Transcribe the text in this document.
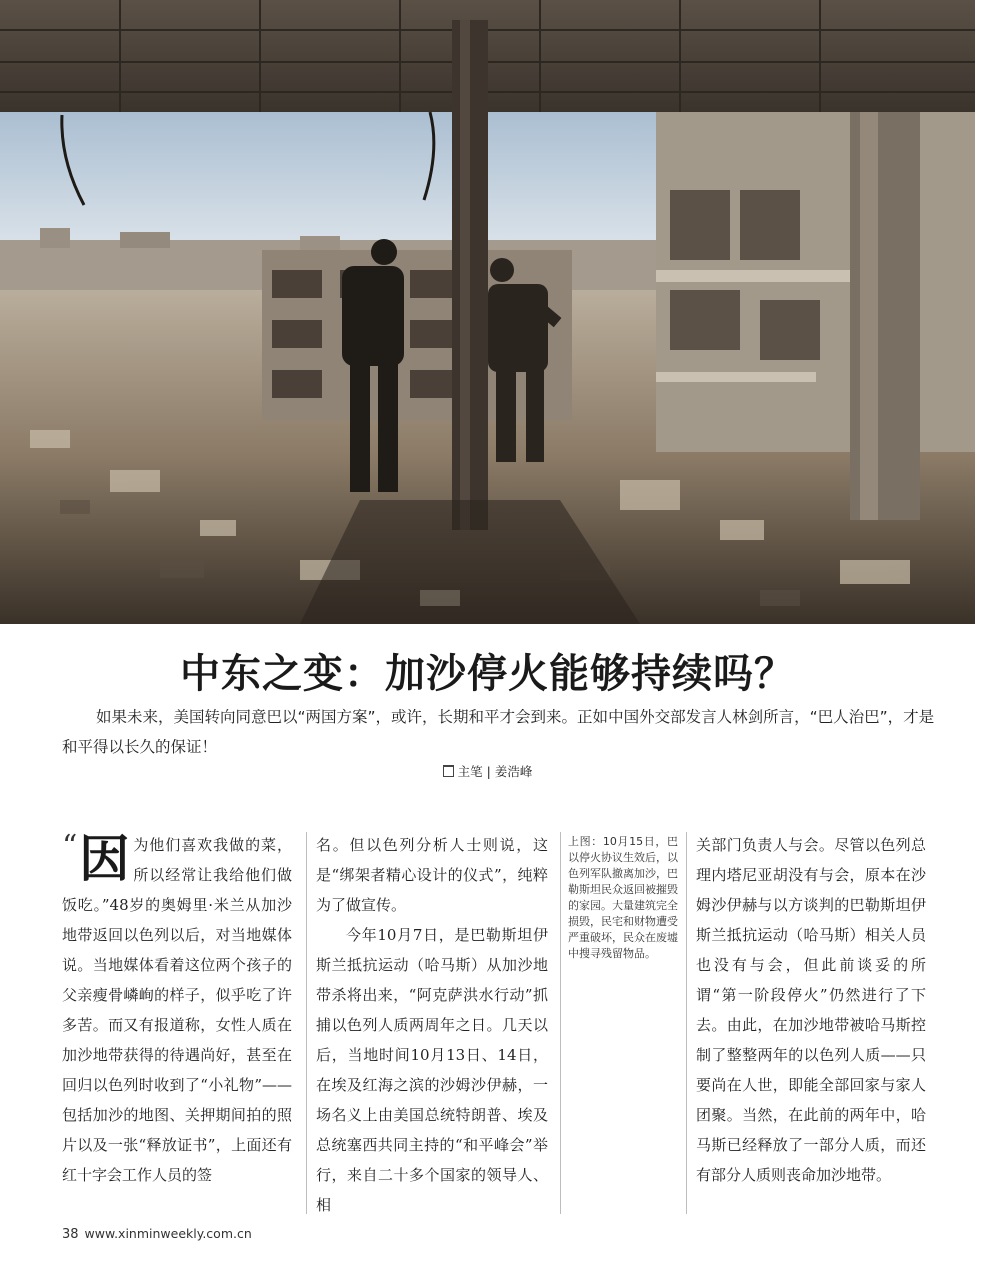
中东之变：加沙停火能够持续吗？

如果未来，美国转向同意巴以“两国方案”，或许，长期和平才会到来。正如中国外交部发言人林剑所言，“巴人治巴”，才是和平得以长久的保证！

主笔 | 姜浩峰
“ 因 为他们喜欢我做的菜，所以经常让我给他们做饭吃。”48岁的奥姆里·米兰从加沙地带返回以色列以后，对当地媒体说。当地媒体看着这位两个孩子的父亲瘦骨嶙峋的样子，似乎吃了许多苦。而又有报道称，女性人质在加沙地带获得的待遇尚好，甚至在回归以色列时收到了“小礼物”——包括加沙的地图、关押期间拍的照片以及一张“释放证书”，上面还有红十字会工作人员的签

名。但以色列分析人士则说，这是“绑架者精心设计的仪式”，纯粹为了做宣传。

今年10月7日，是巴勒斯坦伊斯兰抵抗运动（哈马斯）从加沙地带杀将出来，“阿克萨洪水行动”抓捕以色列人质两周年之日。几天以后，当地时间10月13日、14日，在埃及红海之滨的沙姆沙伊赫，一场名义上由美国总统特朗普、埃及总统塞西共同主持的“和平峰会”举行，来自二十多个国家的领导人、相

上图：10月15日，巴以停火协议生效后，以色列军队撤离加沙，巴勒斯坦民众返回被摧毁的家园。大量建筑完全损毁，民宅和财物遭受严重破坏，民众在废墟中搜寻残留物品。

关部门负责人与会。尽管以色列总理内塔尼亚胡没有与会，原本在沙姆沙伊赫与以方谈判的巴勒斯坦伊斯兰抵抗运动（哈马斯）相关人员也没有与会，但此前谈妥的所谓“第一阶段停火”仍然进行了下去。由此，在加沙地带被哈马斯控制了整整两年的以色列人质——只要尚在人世，即能全部回家与家人团聚。当然，在此前的两年中，哈马斯已经释放了一部分人质，而还有部分人质则丧命加沙地带。

38 www.xinminweekly.com.cn
